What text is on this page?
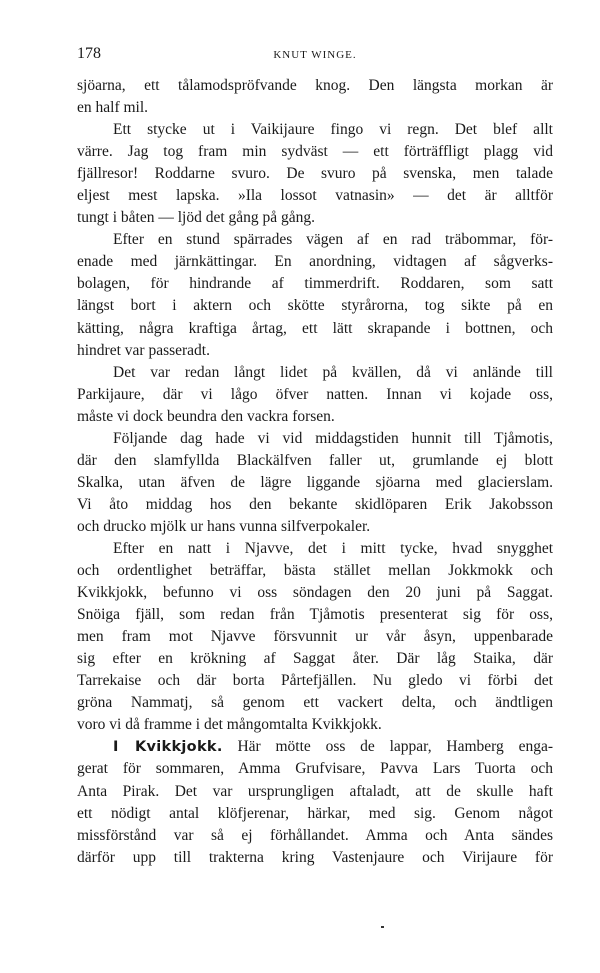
178	KNUT WINGE.
sjöarna, ett tålamodspröfvande knog. Den längsta morkan är
en half mil.
Ett stycke ut i Vaikijaure fingo vi regn. Det blef allt
värre. Jag tog fram min sydväst — ett förträffligt plagg vid
fjällresor! Roddarne svuro. De svuro på svenska, men talade
eljest mest lapska. »Ila lossot vatnasin» — det är alltför
tungt i båten — ljöd det gång på gång.
Efter en stund spärrades vägen af en rad träbommar, för-
enade med järnkättingar. En anordning, vidtagen af sågverks-
bolagen, för hindrande af timmerdrift. Roddaren, som satt
längst bort i aktern och skötte styrårorna, tog sikte på en
kätting, några kraftiga årtag, ett lätt skrapande i bottnen, och
hindret var passeradt.
Det var redan långt lidet på kvällen, då vi anlände till
Parkijaure, där vi lågo öfver natten. Innan vi kojade oss,
måste vi dock beundra den vackra forsen.
Följande dag hade vi vid middagstiden hunnit till Tjåmotis,
där den slamfyllda Blackälfven faller ut, grumlande ej blott
Skalka, utan äfven de lägre liggande sjöarna med glacierslam.
Vi åto middag hos den bekante skidlöparen Erik Jakobsson
och drucko mjölk ur hans vunna silfverpokaler.
Efter en natt i Njavve, det i mitt tycke, hvad snygghet
och ordentlighet beträffar, bästa stället mellan Jokkmokk och
Kvikkjokk, befunno vi oss söndagen den 20 juni på Saggat.
Snöiga fjäll, som redan från Tjåmotis presenterat sig för oss,
men fram mot Njavve försvunnit ur vår åsyn, uppenbarade
sig efter en krökning af Saggat åter. Där låg Staika, där
Tarrekaise och där borta Pårtefjällen. Nu gledo vi förbi det
gröna Nammatj, så genom ett vackert delta, och ändtligen
voro vi då framme i det mångomtalta Kvikkjokk.
I Kvikkjokk. Här mötte oss de lappar, Hamberg enga-
gerat för sommaren, Amma Grufvisare, Pavva Lars Tuorta och
Anta Pirak. Det var ursprungligen aftaladt, att de skulle haft
ett nödigt antal klöfjerenar, härkar, med sig. Genom något
missförstånd var så ej förhållandet. Amma och Anta sändes
därför upp till trakterna kring Vastenjaure och Virijaure för
